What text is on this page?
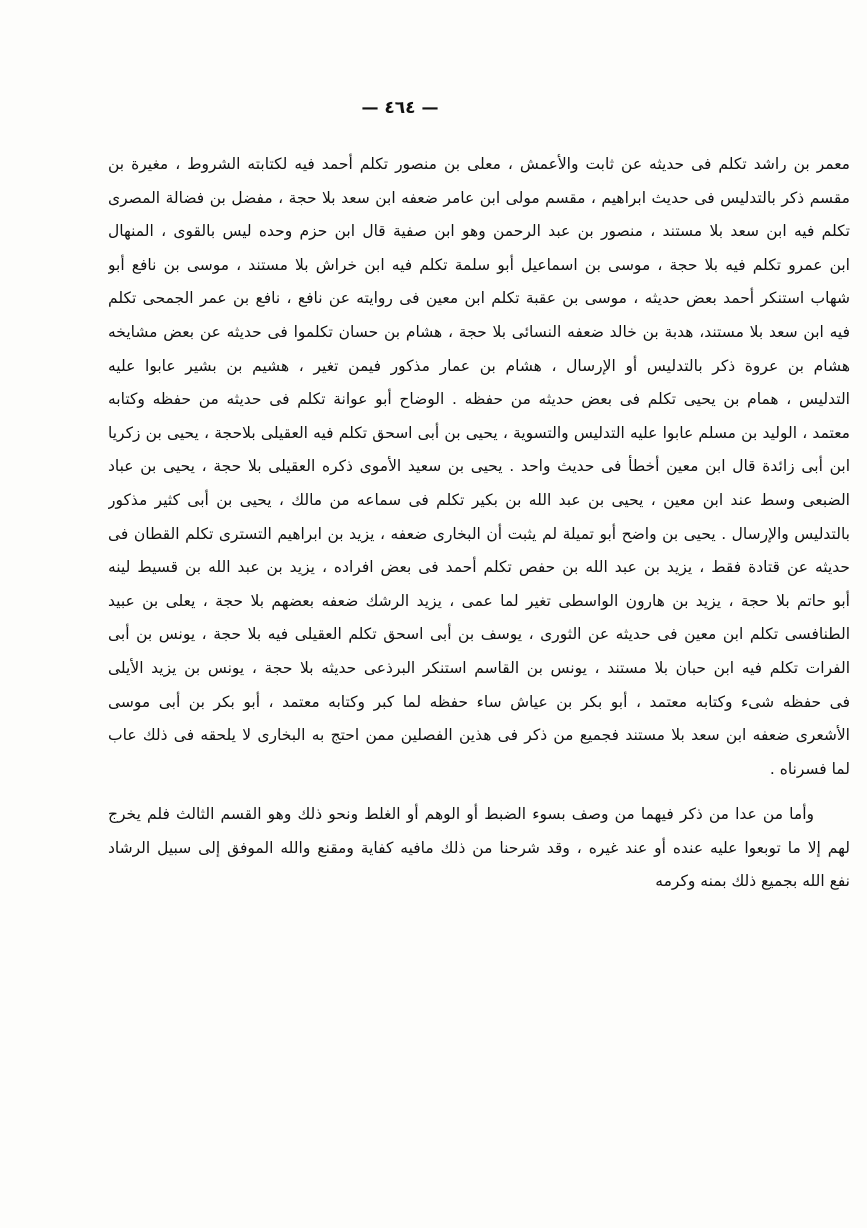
— ٤٦٤ —
معمر بن راشد تكلم فى حديثه عن ثابت والأعمش ، معلى بن منصور تكلم أحمد فيه لكتابته الشروط ، مغيرة بن
مقسم ذكر بالتدليس فى حديث ابراهيم ، مقسم مولى ابن عامر ضعفه ابن سعد بلا حجة ، مفضل بن فضالة المصرى
تكلم فيه ابن سعد بلا مستند ، منصور بن عبد الرحمن وهو ابن صفية قال ابن حزم وحده ليس بالقوى ، المنهال
ابن عمرو تكلم فيه بلا حجة ، موسى بن اسماعيل أبو سلمة تكلم فيه ابن خراش بلا مستند ، موسى بن نافع أبو
شهاب استنكر أحمد بعض حديثه ، موسى بن عقبة تكلم ابن معين فى روايته عن نافع ، نافع بن عمر الجمحى تكلم
فيه ابن سعد بلا مستند، هدبة بن خالد ضعفه النسائى بلا حجة ، هشام بن حسان تكلموا فى حديثه عن بعض مشايخه
هشام بن عروة ذكر بالتدليس أو الإرسال ، هشام بن عمار مذكور فيمن تغير ، هشيم بن بشير عابوا عليه
التدليس ، همام بن يحيى تكلم فى بعض حديثه من حفظه . الوضاح أبو عوانة تكلم فى حديثه من حفظه وكتابه
معتمد ، الوليد بن مسلم عابوا عليه التدليس والتسوية ، يحيى بن أبى اسحق تكلم فيه العقيلى بلاحجة ، يحيى بن زكريا
ابن أبى زائدة قال ابن معين أخطأ فى حديث واحد . يحيى بن سعيد الأموى ذكره العقيلى بلا حجة ، يحيى بن عباد
الضبعى وسط عند ابن معين ، يحيى بن عبد الله بن بكير تكلم فى سماعه من مالك ، يحيى بن أبى كثير مذكور
بالتدليس والإرسال . يحيى بن واضح أبو تميلة لم يثبت أن البخارى ضعفه ، يزيد بن ابراهيم التسترى تكلم القطان فى
حديثه عن قتادة فقط ، يزيد بن عبد الله بن حفص تكلم أحمد فى بعض افراده ، يزيد بن عبد الله بن قسيط لينه
أبو حاتم بلا حجة ، يزيد بن هارون الواسطى تغير لما عمى ، يزيد الرشك ضعفه بعضهم بلا حجة ، يعلى بن عبيد
الطنافسى تكلم ابن معين فى حديثه عن الثورى ، يوسف بن أبى اسحق تكلم العقيلى فيه بلا حجة ، يونس بن أبى
الفرات تكلم فيه ابن حبان بلا مستند ، يونس بن القاسم استنكر البرذعى حديثه بلا حجة ، يونس بن يزيد الأيلى
فى حفظه شىء وكتابه معتمد ، أبو بكر بن عياش ساء حفظه لما كبر وكتابه معتمد ، أبو بكر بن أبى موسى
الأشعرى ضعفه ابن سعد بلا مستند فجميع من ذكر فى هذين الفصلين ممن احتج به البخارى لا يلحقه فى ذلك عاب
لما فسرناه .
وأما من عدا من ذكر فيهما من وصف بسوء الضبط أو الوهم أو الغلط ونحو ذلك وهو القسم الثالث فلم يخرج
لهم إلا ما توبعوا عليه عنده أو عند غيره ، وقد شرحنا من ذلك مافيه كفاية ومقنع والله الموفق إلى سبيل الرشاد
نفع الله بجميع ذلك بمنه وكرمه
